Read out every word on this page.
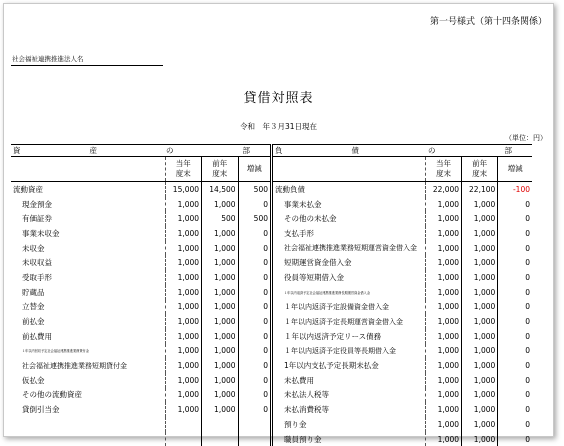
第一号様式（第十四条関係）
社会福祉連携推進法人名
貸借対照表
令和　年３月31日現在
（単位：円）
資　　産　　の　　部				負　　債　　の　　部			
	当年
度末	前年
度末	増減		当年
度末	前年
度末	増減
流動資産	15,000	14,500	500	流動負債	22,000	22,100	-100
現金預金	1,000	1,000	0	事業未払金	1,000	1,000	0
有価証券	1,000	500	500	その他の未払金	1,000	1,000	0
事業未収金	1,000	1,000	0	支払手形	1,000	1,000	0
未収金	1,000	1,000	0	社会福祉連携推進業務短期運営資金借入金	1,000	1,000	0
未収収益	1,000	1,000	0	短期運営資金借入金	1,000	1,000	0
受取手形	1,000	1,000	0	役員等短期借入金	1,000	1,000	0
貯蔵品	1,000	1,000	0	１年以内返済予定社会福祉連携推進業務長期運営資金借入金	1,000	1,000	0
立替金	1,000	1,000	0	１年以内返済予定設備資金借入金	1,000	1,000	0
前払金	1,000	1,000	0	１年以内返済予定長期運営資金借入金	1,000	1,000	0
前払費用	1,000	1,000	0	１年以内返済予定リース債務	1,000	1,000	0
１年以内回収予定社会福祉連携推進業務貸付金	1,000	1,000	0	１年以内返済予定役員等長期借入金	1,000	1,000	0
社会福祉連携推進業務短期貸付金	1,000	1,000	0	1年以内支払予定長期未払金	1,000	1,000	0
仮払金	1,000	1,000	0	未払費用	1,000	1,000	0
その他の流動資産	1,000	1,000	0	未払法人税等	1,000	1,000	0
貸倒引当金	1,000	1,000	0	未払消費税等	1,000	1,000	0
				預り金	1,000	1,000	0
				職員預り金	1,000	1,000	0
